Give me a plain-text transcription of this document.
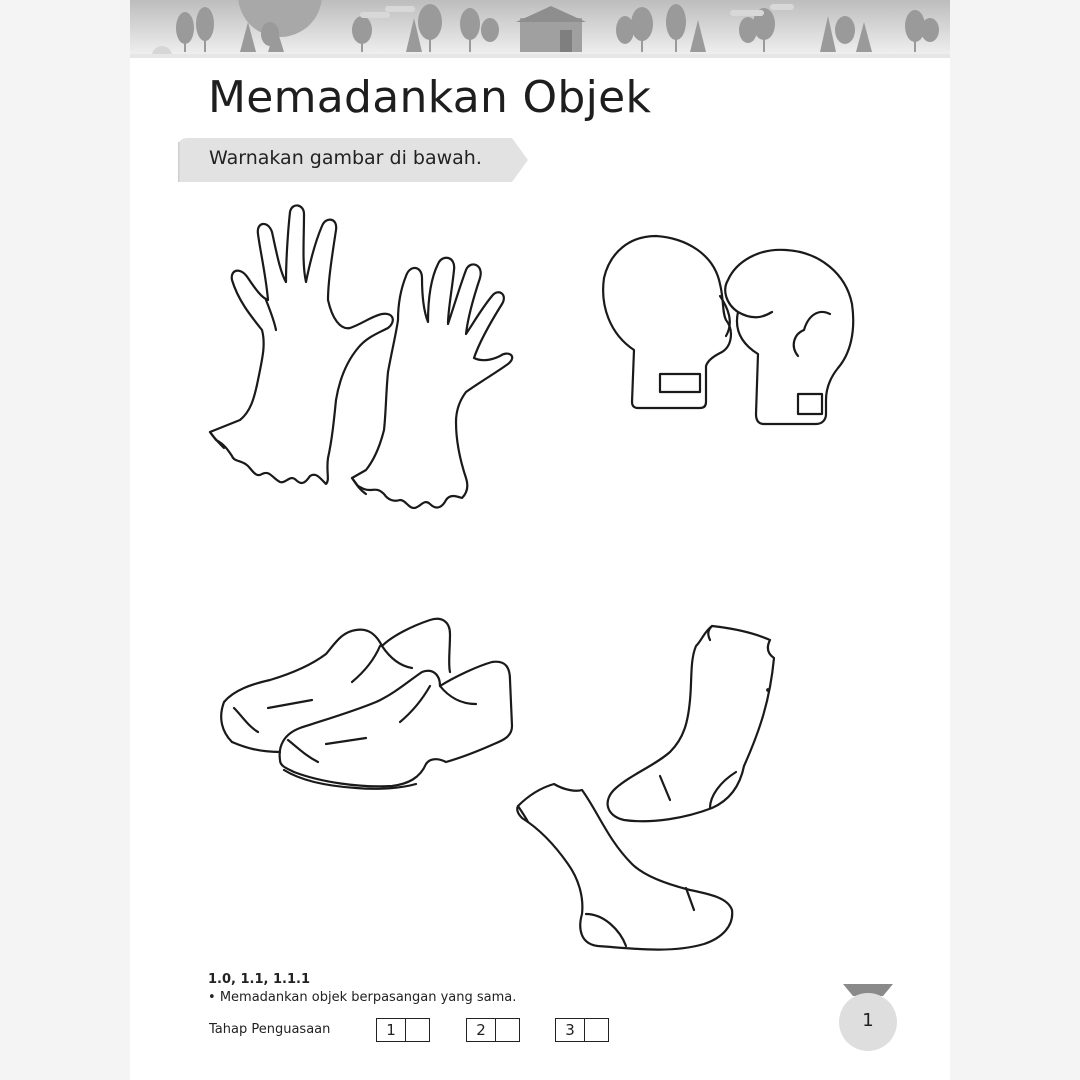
Memadankan Objek
Warnakan gambar di bawah.
1.0, 1.1, 1.1.1
• Memadankan objek berpasangan yang sama.
Tahap Penguasaan	1	2	3	1
